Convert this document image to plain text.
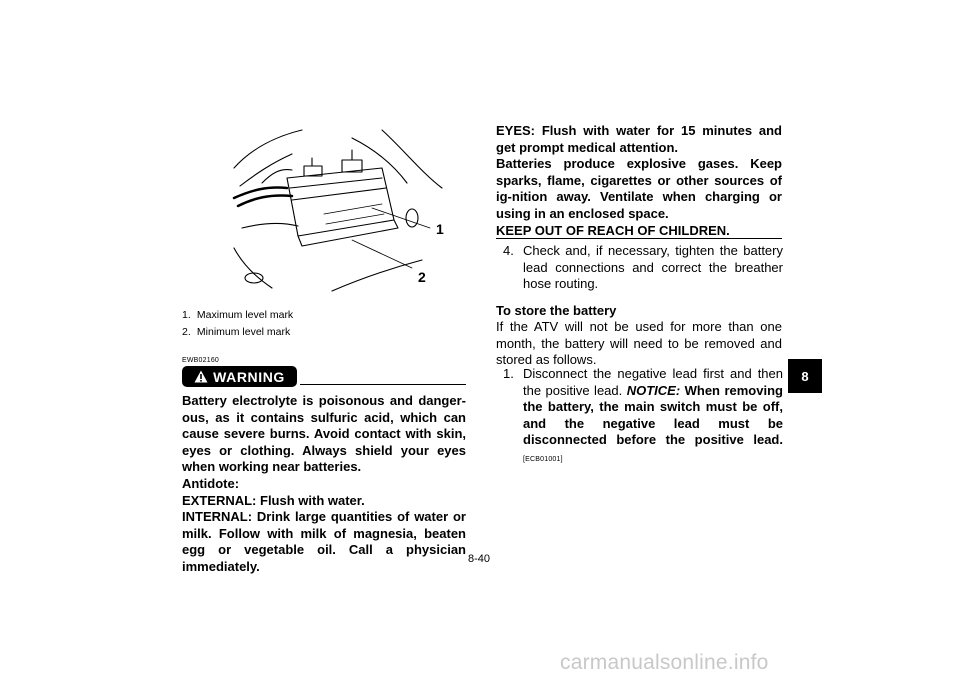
1
2
1. Maximum level mark
2. Minimum level mark
EWB02160
WARNING

Battery electrolyte is poisonous and danger-ous, as it contains sulfuric acid, which can cause severe burns. Avoid contact with skin, eyes or clothing. Always shield your eyes when working near batteries.

Antidote:

EXTERNAL: Flush with water.

INTERNAL: Drink large quantities of water or milk. Follow with milk of magnesia, beaten egg or vegetable oil. Call a physician immediately.

EYES: Flush with water for 15 minutes and get prompt medical attention.

Batteries produce explosive gases. Keep sparks, flame, cigarettes or other sources of ig-nition away. Ventilate when charging or using in an enclosed space.

KEEP OUT OF REACH OF CHILDREN.

4. Check and, if necessary, tighten the battery lead connections and correct the breather hose routing.
To store the battery
If the ATV will not be used for more than one month, the battery will need to be removed and stored as follows.
1. Disconnect the negative lead first and then the positive lead. NOTICE: When removing the battery, the main switch must be off, and the negative lead must be disconnected before the positive lead.[ECB01001]
8
8-40
carmanualsonline.info
